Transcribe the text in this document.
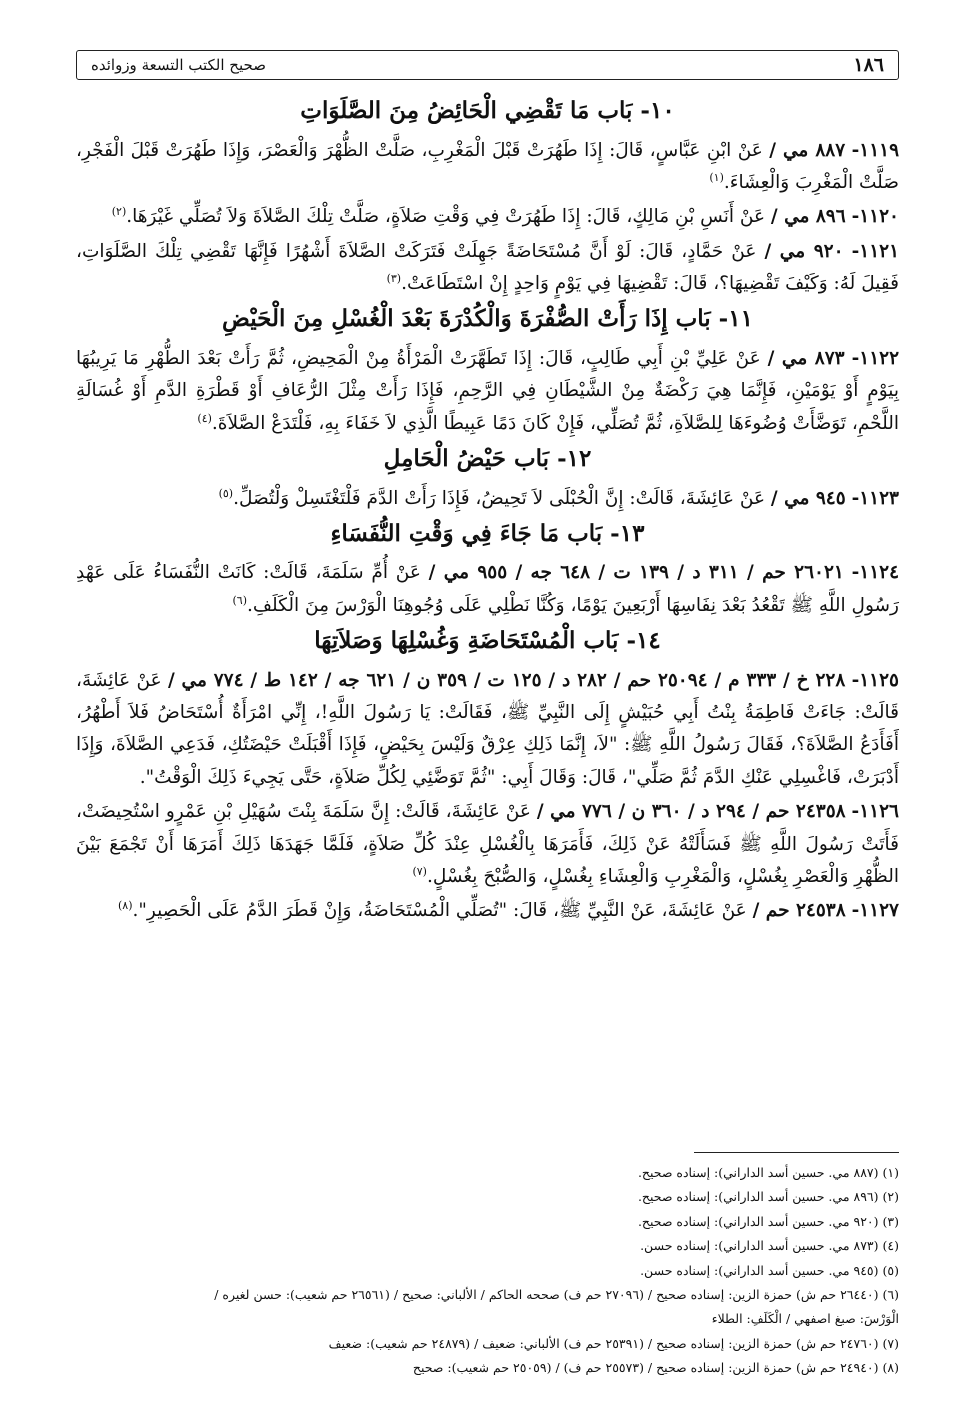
١٨٦
صحيح الكتب التسعة وزوائده
١٠- بَاب مَا تَقْضِي الْحَائِضُ مِنَ الصَّلَوَاتِ

١١١٩- ٨٨٧ مي / عَنْ ابْنِ عَبَّاسٍ، قَالَ: إِذَا طَهُرَتْ قَبْلَ الْمَغْرِبِ، صَلَّتْ الظُّهْرَ وَالْعَصْرَ، وَإِذَا طَهُرَتْ قَبْلَ الْفَجْرِ، صَلَّتْ الْمَغْرِبَ وَالْعِشَاءَ.$^{(١)}$

١١٢٠- ٨٩٦ مي / عَنْ أَنَسِ بْنِ مَالِكٍ، قَالَ: إِذَا طَهُرَتْ فِي وَقْتِ صَلاَةٍ، صَلَّتْ تِلْكَ الصَّلاَةَ وَلاَ تُصَلِّي غَيْرَهَا.$^{(٢)}$

١١٢١- ٩٢٠ مي / عَنْ حَمَّادٍ، قَالَ: لَوْ أَنَّ مُسْتَحَاضَةً جَهِلَتْ فَتَرَكَتْ الصَّلاَةَ أَشْهُرًا فَإِنَّهَا تَقْضِي تِلْكَ الصَّلَوَاتِ، فَقِيلَ لَهُ: وَكَيْفَ تَقْضِيهَا؟، قَالَ: تَقْضِيهَا فِي يَوْمٍ وَاحِدٍ إِنْ اسْتَطَاعَتْ.$^{(٣)}$

١١- بَاب إِذَا رَأَتْ الصُّفْرَةَ وَالْكُدْرَةَ بَعْدَ الْغُسْلِ مِنَ الْحَيْضِ

١١٢٢- ٨٧٣ مي / عَنْ عَلِيِّ بْنِ أَبِي طَالِبٍ، قَالَ: إِذَا تَطَهَّرَتْ الْمَرْأَةُ مِنْ الْمَحِيضِ، ثُمَّ رَأَتْ بَعْدَ الطُّهْرِ مَا يَرِيبُهَا بِيَوْمٍ أَوْ يَوْمَيْنِ، فَإِنَّمَا هِيَ رَكْضَةٌ مِنْ الشَّيْطَانِ فِي الرَّحِمِ، فَإِذَا رَأَتْ مِثْلَ الرُّعَافِ أَوْ قَطْرَةِ الدَّمِ أَوْ غُسَالَةِ اللَّحْمِ، تَوَضَّأَتْ وُضُوءَهَا لِلصَّلاَةِ، ثُمَّ تُصَلِّي، فَإِنْ كَانَ دَمًا عَبِيطًا الَّذِي لاَ خَفَاءَ بِهِ، فَلْتَدَعْ الصَّلاَةَ.$^{(٤)}$

١٢- بَاب حَيْضُ الْحَامِلِ

١١٢٣- ٩٤٥ مي / عَنْ عَائِشَةَ، قَالَتْ: إِنَّ الْحُبْلَى لاَ تَحِيضُ، فَإِذَا رَأَتْ الدَّمَ فَلْتَغْتَسِلْ وَلْتُصَلِّ.$^{(٥)}$

١٣- بَاب مَا جَاءَ فِي وَقْتِ النُّفَسَاءِ

١١٢٤- ٢٦٠٢١ حم / ٣١١ د / ١٣٩ ت / ٦٤٨ جه / ٩٥٥ مي / عَنْ أُمِّ سَلَمَةَ، قَالَتْ: كَانَتْ النُّفَسَاءُ عَلَى عَهْدِ رَسُولِ اللَّهِ ﷺ تَقْعُدُ بَعْدَ نِفَاسِهَا أَرْبَعِينَ يَوْمًا، وَكُنَّا نَطْلِي عَلَى وُجُوهِنَا الْوَرْسَ مِنَ الْكَلَفِ.$^{(٦)}$

١٤- بَاب الْمُسْتَحَاضَةِ وَغُسْلِهَا وَصَلاَتِهَا

١١٢٥- ٢٢٨ خ / ٣٣٣ م / ٢٥٠٩٤ حم / ٢٨٢ د / ١٢٥ ت / ٣٥٩ ن / ٦٢١ جه / ١٤٢ ط / ٧٧٤ مي / عَنْ عَائِشَةَ، قَالَتْ: جَاءَتْ فَاطِمَةُ بِنْتُ أَبِي حُبَيْشٍ إِلَى النَّبِيِّ ﷺ، فَقَالَتْ: يَا رَسُولَ اللَّهِ!، إِنِّي امْرَأَةٌ أُسْتَحَاضُ فَلاَ أَطْهُرُ، أَفَأَدَعُ الصَّلاَةَ؟، فَقَالَ رَسُولُ اللَّهِ ﷺ: "لاَ، إِنَّمَا ذَلِكِ عِرْقٌ وَلَيْسَ بِحَيْضٍ، فَإِذَا أَقْبَلَتْ حَيْضَتُكِ، فَدَعِي الصَّلاَةَ، وَإِذَا أَدْبَرَتْ، فَاغْسِلِي عَنْكِ الدَّمَ ثُمَّ صَلِّي"، قَالَ: وَقَالَ أَبِي: "ثُمَّ تَوَضَّئِي لِكُلِّ صَلاَةٍ، حَتَّى يَجِيءَ ذَلِكَ الْوَقْتُ".

١١٢٦- ٢٤٣٥٨ حم / ٢٩٤ د / ٣٦٠ ن / ٧٧٦ مي / عَنْ عَائِشَةَ، قَالَتْ: إِنَّ سَلَمَةَ بِنْتَ سُهَيْلِ بْنِ عَمْرٍو اسْتُحِيضَتْ، فَأَتَتْ رَسُولَ اللَّهِ ﷺ فَسَأَلَتْهُ عَنْ ذَلِكَ، فَأَمَرَهَا بِالْغُسْلِ عِنْدَ كُلِّ صَلاَةٍ، فَلَمَّا جَهَدَهَا ذَلِكَ أَمَرَهَا أَنْ تَجْمَعَ بَيْنَ الظُّهْرِ وَالْعَصْرِ بِغُسْلٍ، وَالْمَغْرِبِ وَالْعِشَاءِ بِغُسْلٍ، وَالصُّبْحَ بِغُسْلٍ.$^{(٧)}$

١١٢٧- ٢٤٥٣٨ حم / عَنْ عَائِشَةَ، عَنْ النَّبِيِّ ﷺ، قَالَ: "تُصَلِّي الْمُسْتَحَاضَةُ، وَإِنْ قَطَرَ الدَّمُ عَلَى الْحَصِيرِ".$^{(٨)}$

(١) (٨٨٧ مي. حسين أسد الداراني): إسناده صحيح.

(٢) (٨٩٦ مي. حسين أسد الداراني): إسناده صحيح.

(٣) (٩٢٠ مي. حسين أسد الداراني): إسناده صحيح.

(٤) (٨٧٣ مي. حسين أسد الداراني): إسناده حسن.

(٥) (٩٤٥ مي. حسين أسد الداراني): إسناده حسن.

(٦) (٢٦٤٤٠ حم ش) حمزة الزين: إسناده صحيح / (٢٧٠٩٦ حم ف) صححه الحاكم / الألباني: صحيح / (٢٦٥٦١ حم شعيب): حسن لغيره /

الْوَرْسَ: صبغ اصفهي / الْكَلَفِ: الطلاء

(٧) (٢٤٧٦٠ حم ش) حمزة الزين: إسناده صحيح / (٢٥٣٩١ حم ف) الألباني: ضعيف / (٢٤٨٧٩ حم شعيب): ضعيف

(٨) (٢٤٩٤٠ حم ش) حمزة الزين: إسناده صحيح / (٢٥٥٧٣ حم ف) / (٢٥٠٥٩ حم شعيب): صحيح
